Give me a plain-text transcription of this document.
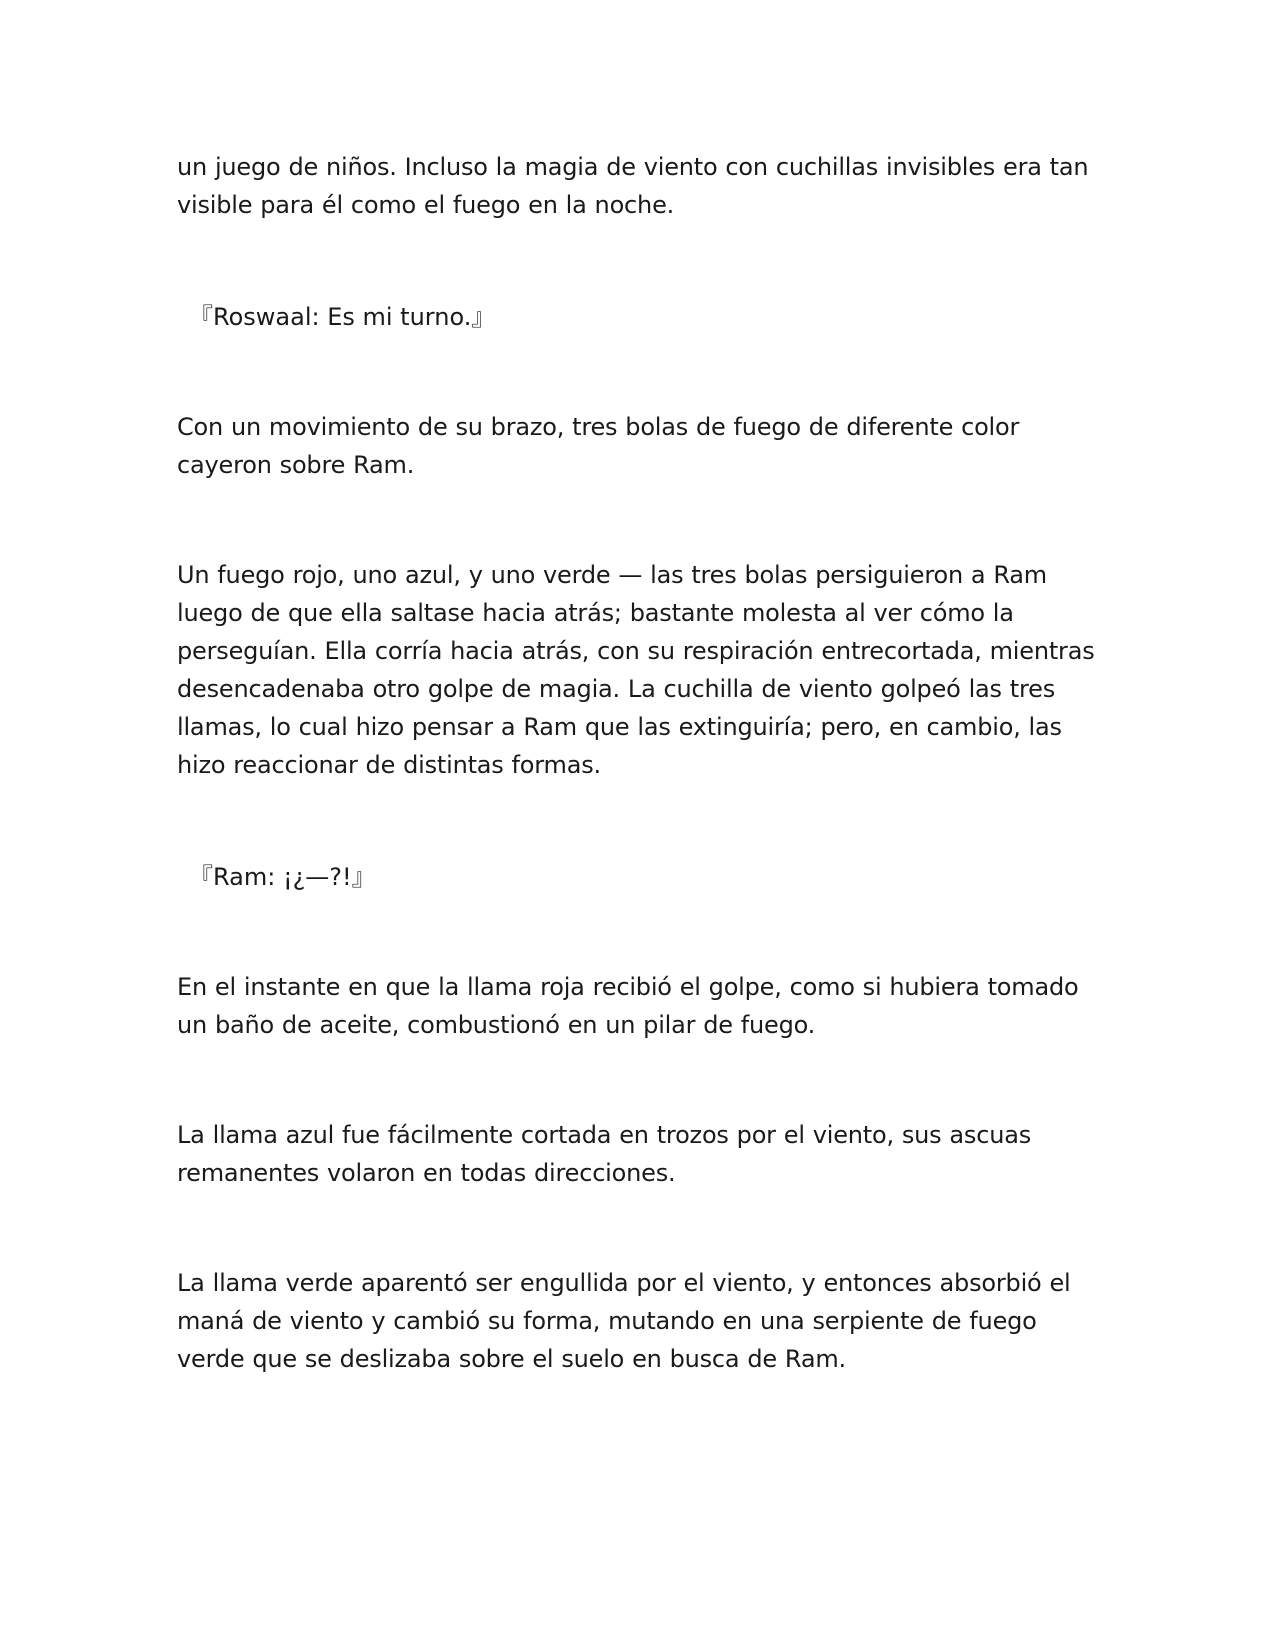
un juego de niños. Incluso la magia de viento con cuchillas invisibles era tan visible para él como el fuego en la noche.

『Roswaal: Es mi turno.』

Con un movimiento de su brazo, tres bolas de fuego de diferente color cayeron sobre Ram.

Un fuego rojo, uno azul, y uno verde — las tres bolas persiguieron a Ram luego de que ella saltase hacia atrás; bastante molesta al ver cómo la perseguían. Ella corría hacia atrás, con su respiración entrecortada, mientras desencadenaba otro golpe de magia. La cuchilla de viento golpeó las tres llamas, lo cual hizo pensar a Ram que las extinguiría; pero, en cambio, las hizo reaccionar de distintas formas.

『Ram: ¡¿—?!』

En el instante en que la llama roja recibió el golpe, como si hubiera tomado un baño de aceite, combustionó en un pilar de fuego.

La llama azul fue fácilmente cortada en trozos por el viento, sus ascuas remanentes volaron en todas direcciones.

La llama verde aparentó ser engullida por el viento, y entonces absorbió el maná de viento y cambió su forma, mutando en una serpiente de fuego verde que se deslizaba sobre el suelo en busca de Ram.
